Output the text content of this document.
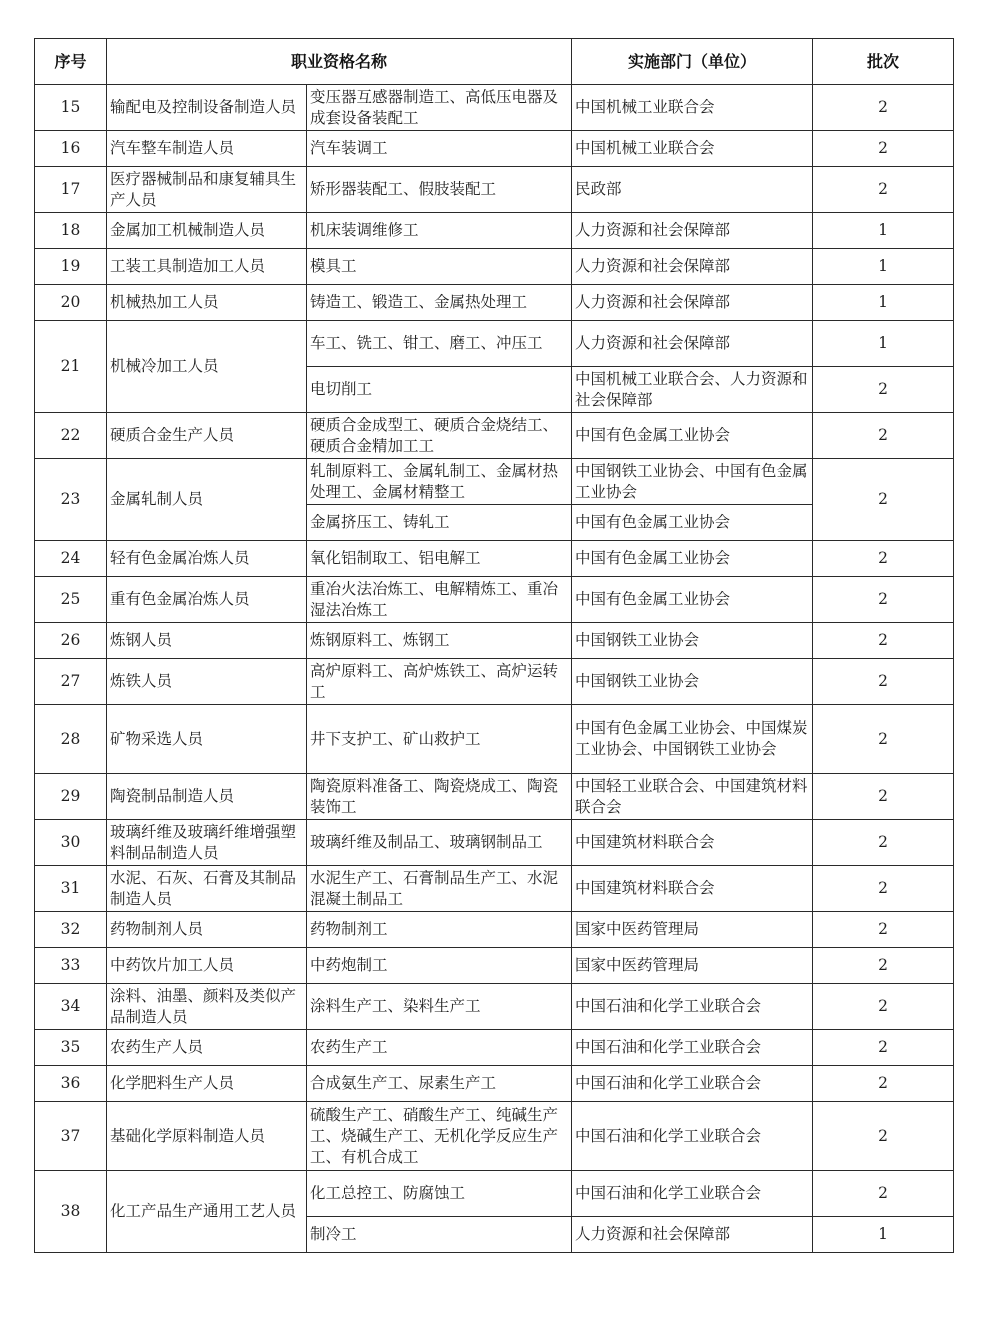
序号	职业资格名称		实施部门（单位）	批次
15	输配电及控制设备制造人员	变压器互感器制造工、高低压电器及成套设备装配工	中国机械工业联合会	2
16	汽车整车制造人员	汽车装调工	中国机械工业联合会	2
17	医疗器械制品和康复辅具生产人员	矫形器装配工、假肢装配工	民政部	2
18	金属加工机械制造人员	机床装调维修工	人力资源和社会保障部	1
19	工装工具制造加工人员	模具工	人力资源和社会保障部	1
20	机械热加工人员	铸造工、锻造工、金属热处理工	人力资源和社会保障部	1
21	机械冷加工人员	车工、铣工、钳工、磨工、冲压工	人力资源和社会保障部	1
		电切削工	中国机械工业联合会、人力资源和社会保障部	2
22	硬质合金生产人员	硬质合金成型工、硬质合金烧结工、硬质合金精加工工	中国有色金属工业协会	2
23	金属轧制人员	轧制原料工、金属轧制工、金属材热处理工、金属材精整工	中国钢铁工业协会、中国有色金属工业协会	2
		金属挤压工、铸轧工	中国有色金属工业协会	
24	轻有色金属冶炼人员	氧化铝制取工、铝电解工	中国有色金属工业协会	2
25	重有色金属冶炼人员	重冶火法冶炼工、电解精炼工、重冶湿法冶炼工	中国有色金属工业协会	2
26	炼钢人员	炼钢原料工、炼钢工	中国钢铁工业协会	2
27	炼铁人员	高炉原料工、高炉炼铁工、高炉运转工	中国钢铁工业协会	2
28	矿物采选人员	井下支护工、矿山救护工	中国有色金属工业协会、中国煤炭工业协会、中国钢铁工业协会	2
29	陶瓷制品制造人员	陶瓷原料准备工、陶瓷烧成工、陶瓷装饰工	中国轻工业联合会、中国建筑材料联合会	2
30	玻璃纤维及玻璃纤维增强塑料制品制造人员	玻璃纤维及制品工、玻璃钢制品工	中国建筑材料联合会	2
31	水泥、石灰、石膏及其制品制造人员	水泥生产工、石膏制品生产工、水泥混凝土制品工	中国建筑材料联合会	2
32	药物制剂人员	药物制剂工	国家中医药管理局	2
33	中药饮片加工人员	中药炮制工	国家中医药管理局	2
34	涂料、油墨、颜料及类似产品制造人员	涂料生产工、染料生产工	中国石油和化学工业联合会	2
35	农药生产人员	农药生产工	中国石油和化学工业联合会	2
36	化学肥料生产人员	合成氨生产工、尿素生产工	中国石油和化学工业联合会	2
37	基础化学原料制造人员	硫酸生产工、硝酸生产工、纯碱生产工、烧碱生产工、无机化学反应生产工、有机合成工	中国石油和化学工业联合会	2
38	化工产品生产通用工艺人员	化工总控工、防腐蚀工	中国石油和化学工业联合会	2
		制冷工	人力资源和社会保障部	1
